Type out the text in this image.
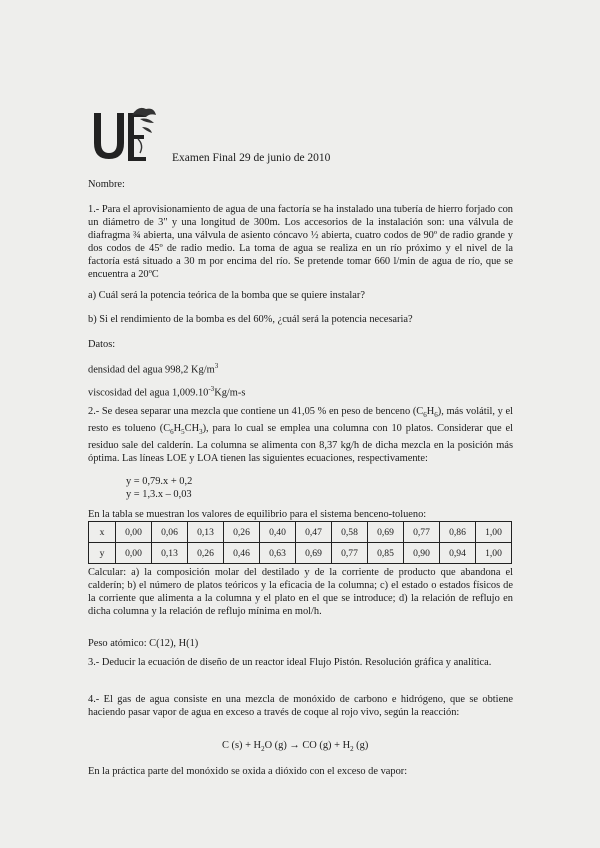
Examen Final 29 de junio de 2010
Nombre:
1.- Para el aprovisionamiento de agua de una factoría se ha instalado una tubería de hierro forjado con un diámetro de 3" y una longitud de 300m. Los accesorios de la instalación son: una válvula de diafragma ¾ abierta, una válvula de asiento cóncavo ½ abierta, cuatro codos de 90º de radio grande y dos codos de 45º de radio medio. La toma de agua se realiza en un río próximo y el nivel de la factoría está situado a 30 m por encima del río. Se pretende tomar 660 l/min de agua de río, que se encuentra a 20ºC
a) Cuál será la potencia teórica de la bomba que se quiere instalar?
b) Si el rendimiento de la bomba es del 60%, ¿cuál será la potencia necesaria?
Datos:
densidad del agua 998,2 $Kg/m^3$
viscosidad del agua $1,009.10^{-3}Kg/m-s$
2.- Se desea separar una mezcla que contiene un 41,05 % en peso de benceno $(C_6H_6)$, más volátil, y el resto es tolueno $(C_6H_5CH_3)$, para lo cual se emplea una columna con 10 platos. Considerar que el residuo sale del calderín. La columna se alimenta con 8,37 kg/h de dicha mezcla en la posición más óptima. Las líneas LOE y LOA tienen las siguientes ecuaciones, respectivamente:
y = 0,79.x + 0,2
y = 1,3.x – 0,03
En la tabla se muestran los valores de equilibrio para el sistema benceno-tolueno:
x	0,00	0,06	0,13	0,26	0,40	0,47	0,58	0,69	0,77	0,86	1,00
y	0,00	0,13	0,26	0,46	0,63	0,69	0,77	0,85	0,90	0,94	1,00
Calcular: a) la composición molar del destilado y de la corriente de producto que abandona el calderín; b) el número de platos teóricos y la eficacia de la columna; c) el estado o estados físicos de la corriente que alimenta a la columna y el plato en el que se introduce; d) la relación de reflujo en dicha columna y la relación de reflujo mínima en mol/h.
Peso atómico: C(12), H(1)
3.- Deducir la ecuación de diseño de un reactor ideal Flujo Pistón. Resolución gráfica y analítica.
4.- El gas de agua consiste en una mezcla de monóxido de carbono e hidrógeno, que se obtiene haciendo pasar vapor de agua en exceso a través de coque al rojo vivo, según la reacción:
C $(s) + H_2O$ (g) → CO $(g) + H_2$ (g)
En la práctica parte del monóxido se oxida a dióxido con el exceso de vapor:
